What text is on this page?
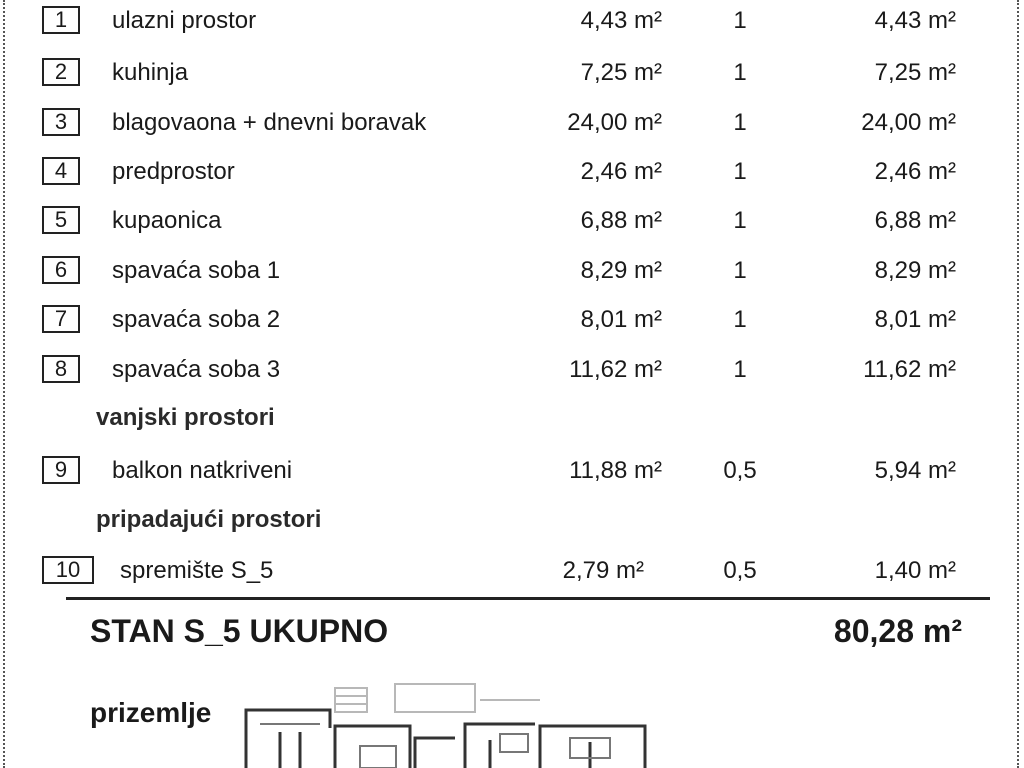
1	ulazni prostor	4,43 m²	1	4,43 m²
2	kuhinja	7,25 m²	1	7,25 m²
3	blagovaona + dnevni boravak	24,00 m²	1	24,00 m²
4	predprostor	2,46 m²	1	2,46 m²
5	kupaonica	6,88 m²	1	6,88 m²
6	spavaća soba 1	8,29 m²	1	8,29 m²
7	spavaća soba 2	8,01 m²	1	8,01 m²
8	spavaća soba 3	11,62 m²	1	11,62 m²
vanjski prostori
9	balkon natkriveni	11,88 m²	0,5	5,94 m²
pripadajući prostori
10	spremište S_5	2,79 m²	0,5	1,40 m²
STAN S_5 UKUPNO	80,28 m²
prizemlje
